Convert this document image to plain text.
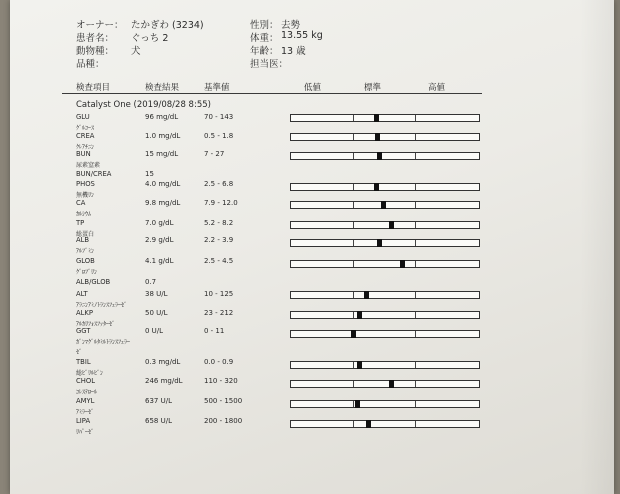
オーナー： たかぎわ (3234)
患者名： ぐっち 2
動物種： 犬
品種：
性別： 去勢
体重： 13.55 kg
年齢： 13 歳
担当医：
検査項目	検査結果	基準値	低値	標準	高値
Catalyst One (2019/08/28 8:55)
GLU	96 mg/dL	70 - 143
ｸﾞﾙｺｰｽ
CREA	1.0 mg/dL	0.5 - 1.8
ｸﾚｱﾁﾆﾝ
BUN	15 mg/dL	7 - 27
尿素窒素
BUN/CREA	15
PHOS	4.0 mg/dL	2.5 - 6.8
無機ﾘﾝ
CA	9.8 mg/dL	7.9 - 12.0
ｶﾙｼｳﾑ
TP	7.0 g/dL	5.2 - 8.2
総蛋白
ALB	2.9 g/dL	2.2 - 3.9
ｱﾙﾌﾞﾐﾝ
GLOB	4.1 g/dL	2.5 - 4.5
ｸﾞﾛﾌﾞﾘﾝ
ALB/GLOB	0.7
ALT	38 U/L	10 - 125
ｱﾗﾆﾝｱﾐﾉﾄﾗﾝｽﾌｪﾗｰｾﾞ
ALKP	50 U/L	23 - 212
ｱﾙｶﾘﾌｫｽﾌｧﾀｰｾﾞ
GGT	0 U/L	0 - 11
ｶﾞﾝﾏｸﾞﾙﾀﾐﾙﾄﾗﾝｽﾌｪﾗｰ
ｾﾞ
TBIL	0.3 mg/dL	0.0 - 0.9
総ﾋﾞﾘﾙﾋﾞﾝ
CHOL	246 mg/dL	110 - 320
ｺﾚｽﾃﾛｰﾙ
AMYL	637 U/L	500 - 1500
ｱﾐﾗｰｾﾞ
LIPA	658 U/L	200 - 1800
ﾘﾊﾟｰｾﾞ
